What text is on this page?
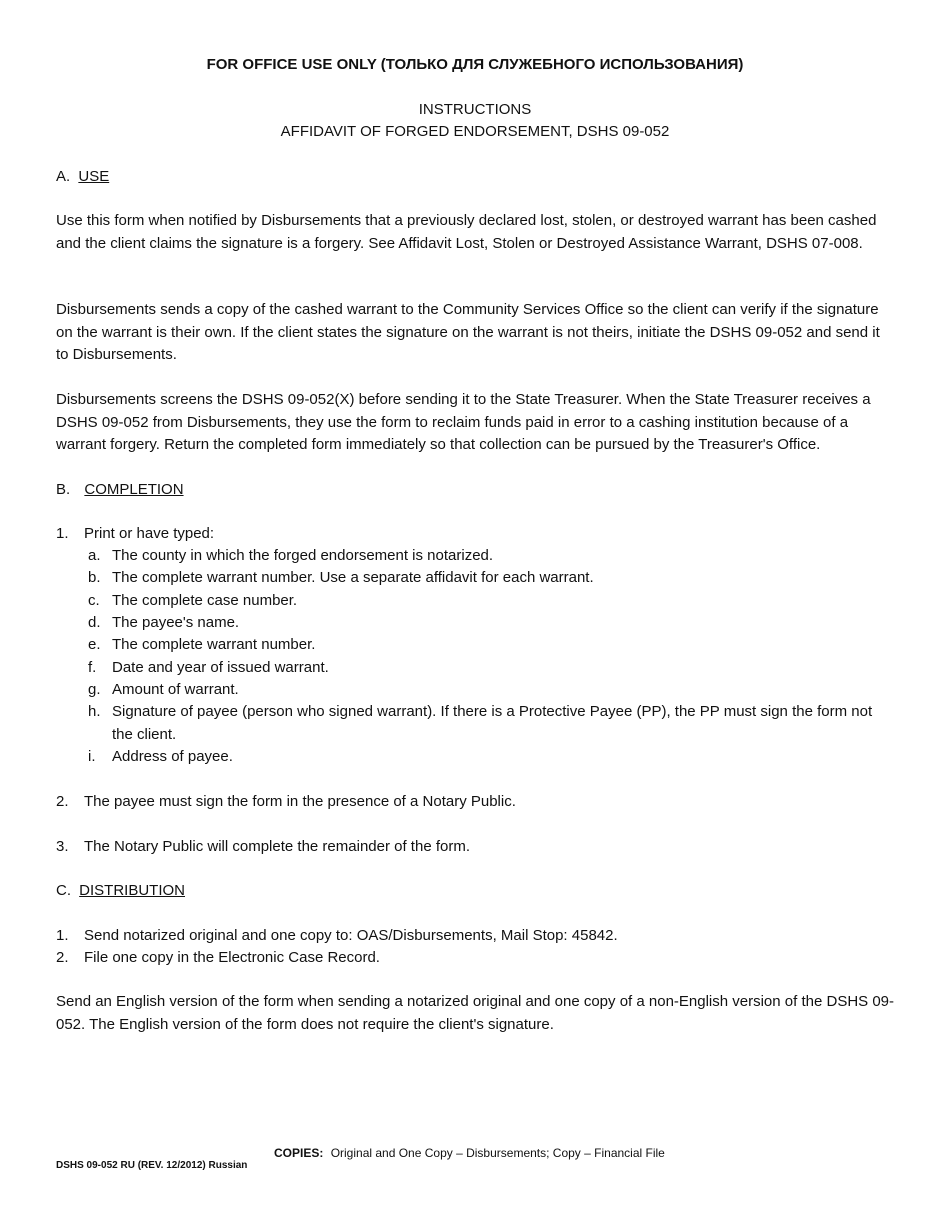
FOR OFFICE USE ONLY (ТОЛЬКО ДЛЯ СЛУЖЕБНОГО ИСПОЛЬЗОВАНИЯ)
INSTRUCTIONS
AFFIDAVIT OF FORGED ENDORSEMENT, DSHS 09-052
A. USE
Use this form when notified by Disbursements that a previously declared lost, stolen, or destroyed warrant has been cashed and the client claims the signature is a forgery. See Affidavit Lost, Stolen or Destroyed Assistance Warrant, DSHS 07-008.
Disbursements sends a copy of the cashed warrant to the Community Services Office so the client can verify if the signature on the warrant is their own. If the client states the signature on the warrant is not theirs, initiate the DSHS 09-052 and send it to Disbursements.
Disbursements screens the DSHS 09-052(X) before sending it to the State Treasurer. When the State Treasurer receives a DSHS 09-052 from Disbursements, they use the form to reclaim funds paid in error to a cashing institution because of a warrant forgery. Return the completed form immediately so that collection can be pursued by the Treasurer's Office.
B. COMPLETION
1. Print or have typed:
a. The county in which the forged endorsement is notarized.
b. The complete warrant number. Use a separate affidavit for each warrant.
c. The complete case number.
d. The payee's name.
e. The complete warrant number.
f. Date and year of issued warrant.
g. Amount of warrant.
h. Signature of payee (person who signed warrant). If there is a Protective Payee (PP), the PP must sign the form not the client.
i. Address of payee.
2. The payee must sign the form in the presence of a Notary Public.
3. The Notary Public will complete the remainder of the form.
C. DISTRIBUTION
1. Send notarized original and one copy to: OAS/Disbursements, Mail Stop: 45842.
2. File one copy in the Electronic Case Record.
Send an English version of the form when sending a notarized original and one copy of a non-English version of the DSHS 09-052. The English version of the form does not require the client's signature.
COPIES: Original and One Copy – Disbursements; Copy – Financial File
DSHS 09-052 RU (REV. 12/2012) Russian
